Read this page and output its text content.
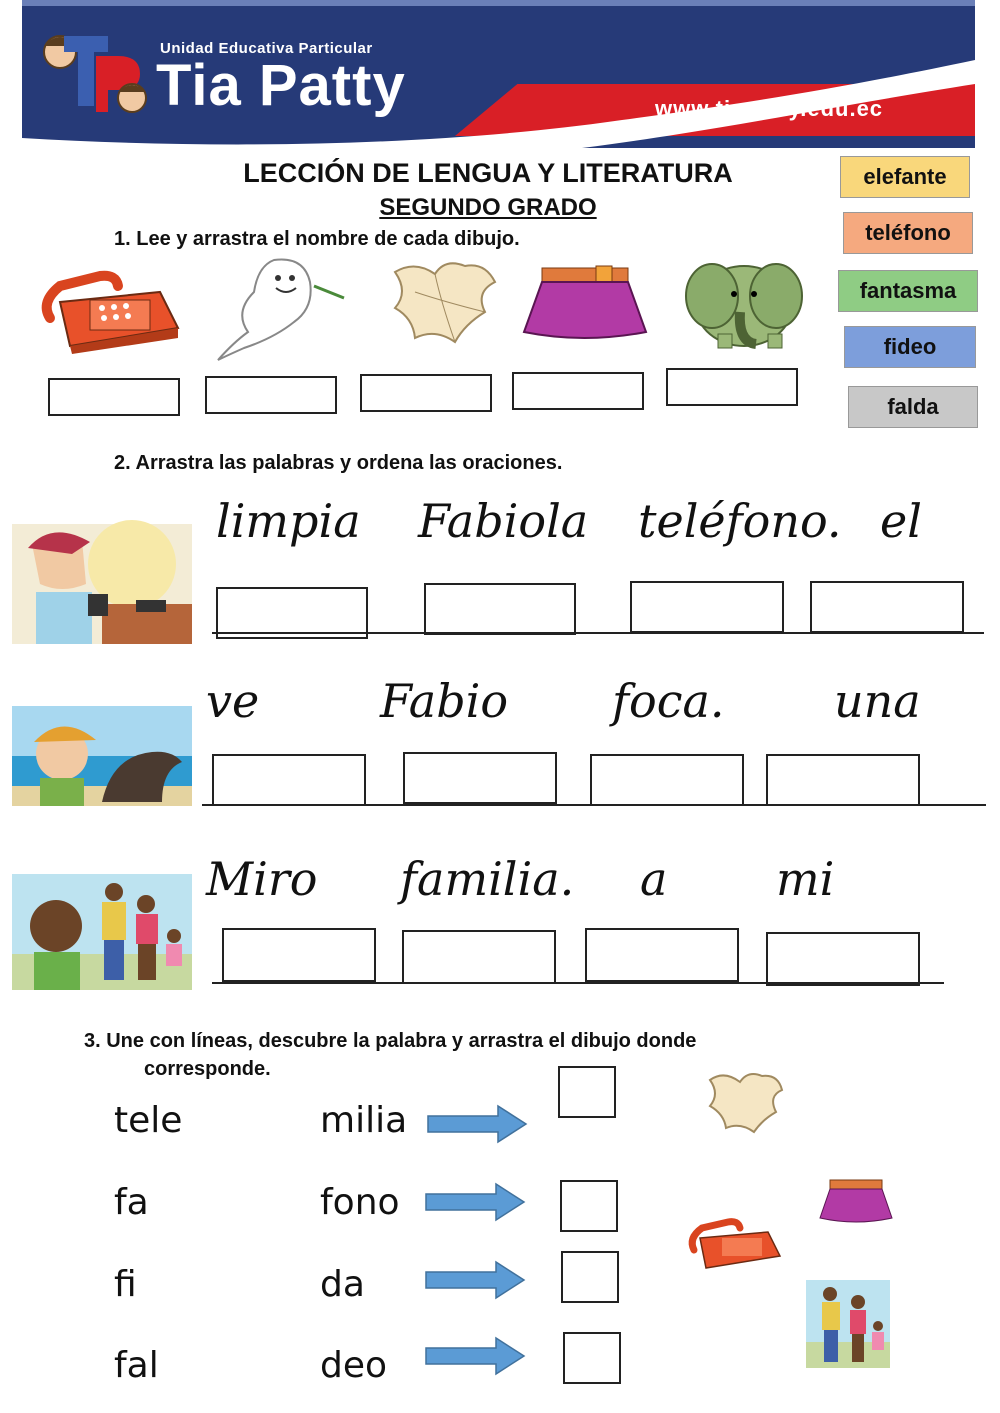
Unidad Educativa Particular
Tia Patty	www.tiapatty.edu.ec
LECCIÓN DE LENGUA Y LITERATURA
SEGUNDO GRADO
1. Lee y arrastra el nombre de cada dibujo.
elefante
teléfono
fantasma
fideo
falda
2. Arrastra las palabras y ordena las oraciones.
limpia Fabiola teléfono. el
ve	Fabio foca. una
Miro familia. a mi
3. Une con líneas, descubre la palabra y arrastra el dibujo donde
corresponde.
tele
fa
fi
fal
milia
fono
da
deo
